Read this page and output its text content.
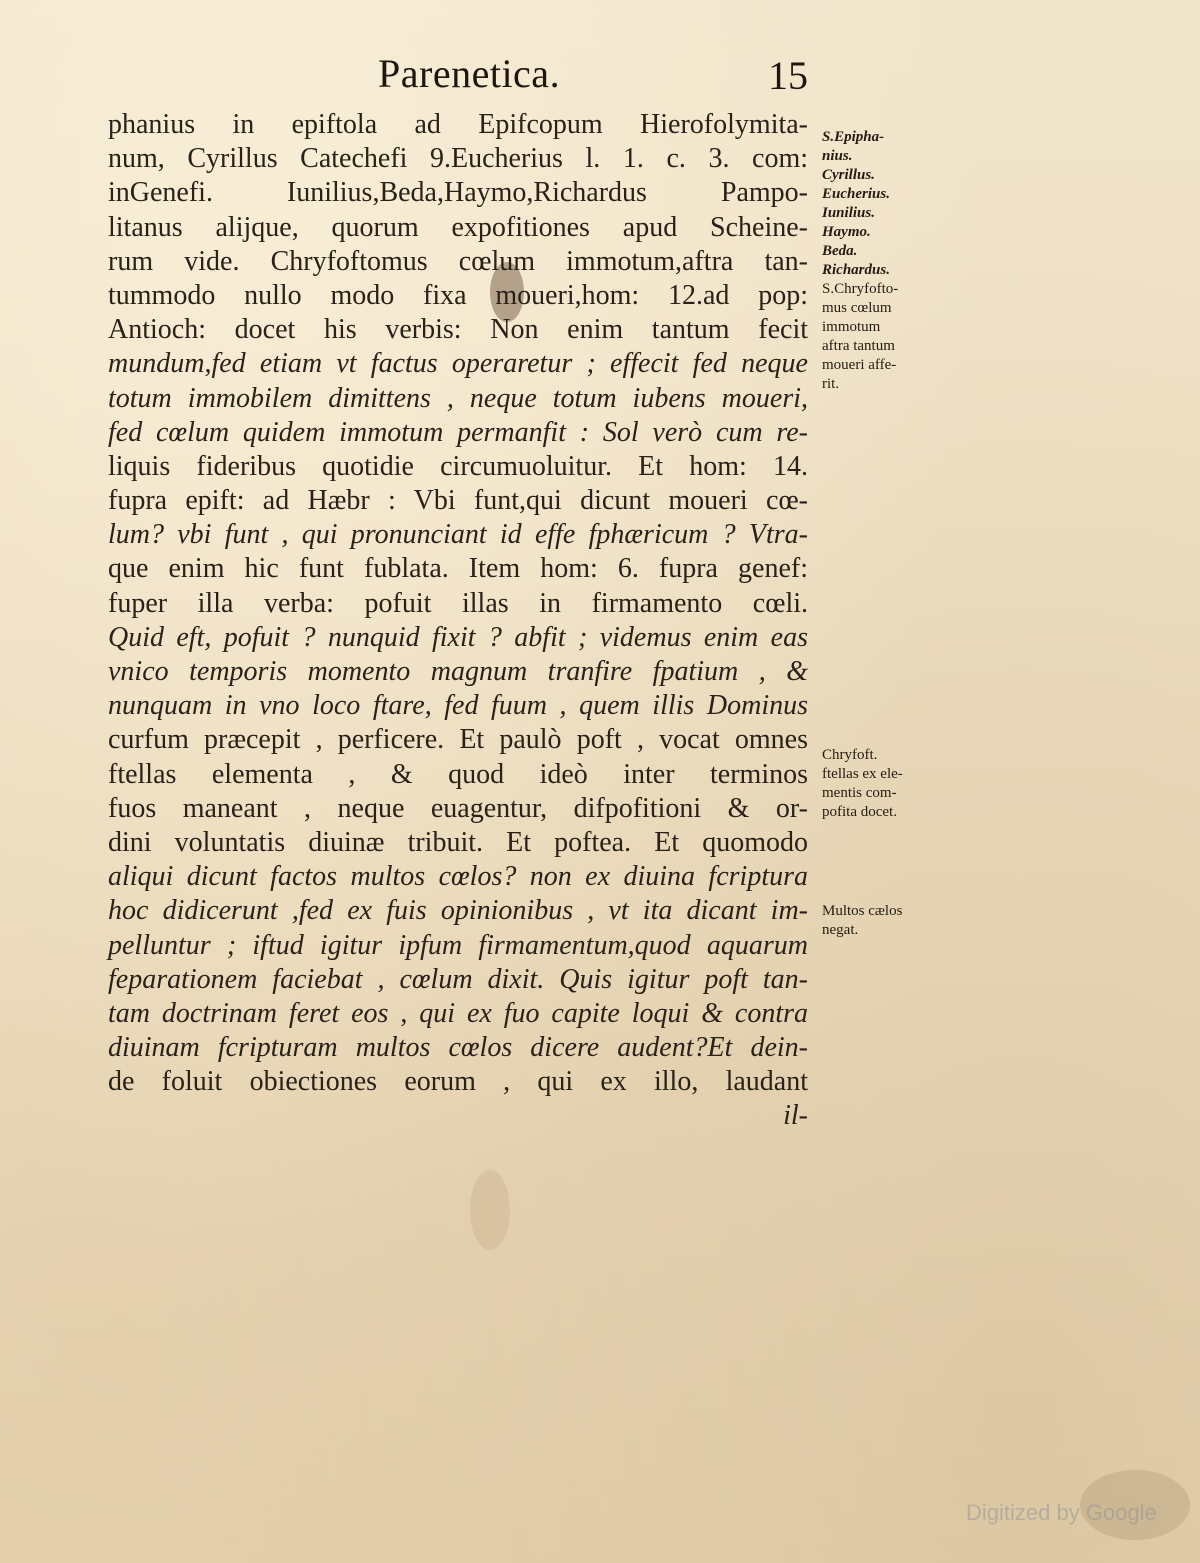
Parenetica.	15
phanius in epiftola ad Epifcopum Hierofolymita-
num, Cyrillus Catechefi 9.Eucherius l. 1. c. 3. com:
inGenefi. Iunilius,Beda,Haymo,Richardus Pampo-
litanus alijque, quorum expofitiones apud Scheine-
rum vide. Chryfoftomus cœlum immotum,aftra tan-
tummodo nullo modo fixa moueri,hom: 12.ad pop:
Antioch: docet his verbis: Non enim tantum fecit
mundum,fed etiam vt factus operaretur ; effecit fed neque
totum immobilem dimittens , neque totum iubens moueri,
fed cœlum quidem immotum permanfit : Sol verò cum re-
liquis fideribus quotidie circumuoluitur. Et hom: 14.
fupra epift: ad Hæbr : Vbi funt,qui dicunt moueri cœ-
lum? vbi funt , qui pronunciant id effe fphæricum ? Vtra-
que enim hic funt fublata. Item hom: 6. fupra genef:
fuper illa verba: pofuit illas in firmamento cœli.
Quid eft, pofuit ? nunquid fixit ? abfit ; videmus enim eas
vnico temporis momento magnum tranfire fpatium , &
nunquam in vno loco ftare, fed fuum , quem illis Dominus
curfum præcepit , perficere. Et paulò poft , vocat omnes
ftellas elementa , & quod ideò inter terminos
fuos maneant , neque euagentur, difpofitioni & or-
dini voluntatis diuinæ tribuit. Et poftea. Et quomodo
aliqui dicunt factos multos cœlos? non ex diuina fcriptura
hoc didicerunt ,fed ex fuis opinionibus , vt ita dicant im-
pelluntur ; iftud igitur ipfum firmamentum,quod aquarum
feparationem faciebat , cœlum dixit. Quis igitur poft tan-
tam doctrinam feret eos , qui ex fuo capite loqui & contra
diuinam fcripturam multos cœlos dicere audent?Et dein-
de foluit obiectiones eorum , qui ex illo, laudant
il-
S.Epipha-
nius.
Cyrillus.
Eucherius.
Iunilius.
Haymo.
Beda.
Richardus.
S.Chryfofto-
mus cœlum
immotum
aftra tantum
moueri affe-
rit.
Chryfoft.
ftellas ex ele-
mentis com-
pofita docet.
Multos cælos
negat.
Digitized by Google
